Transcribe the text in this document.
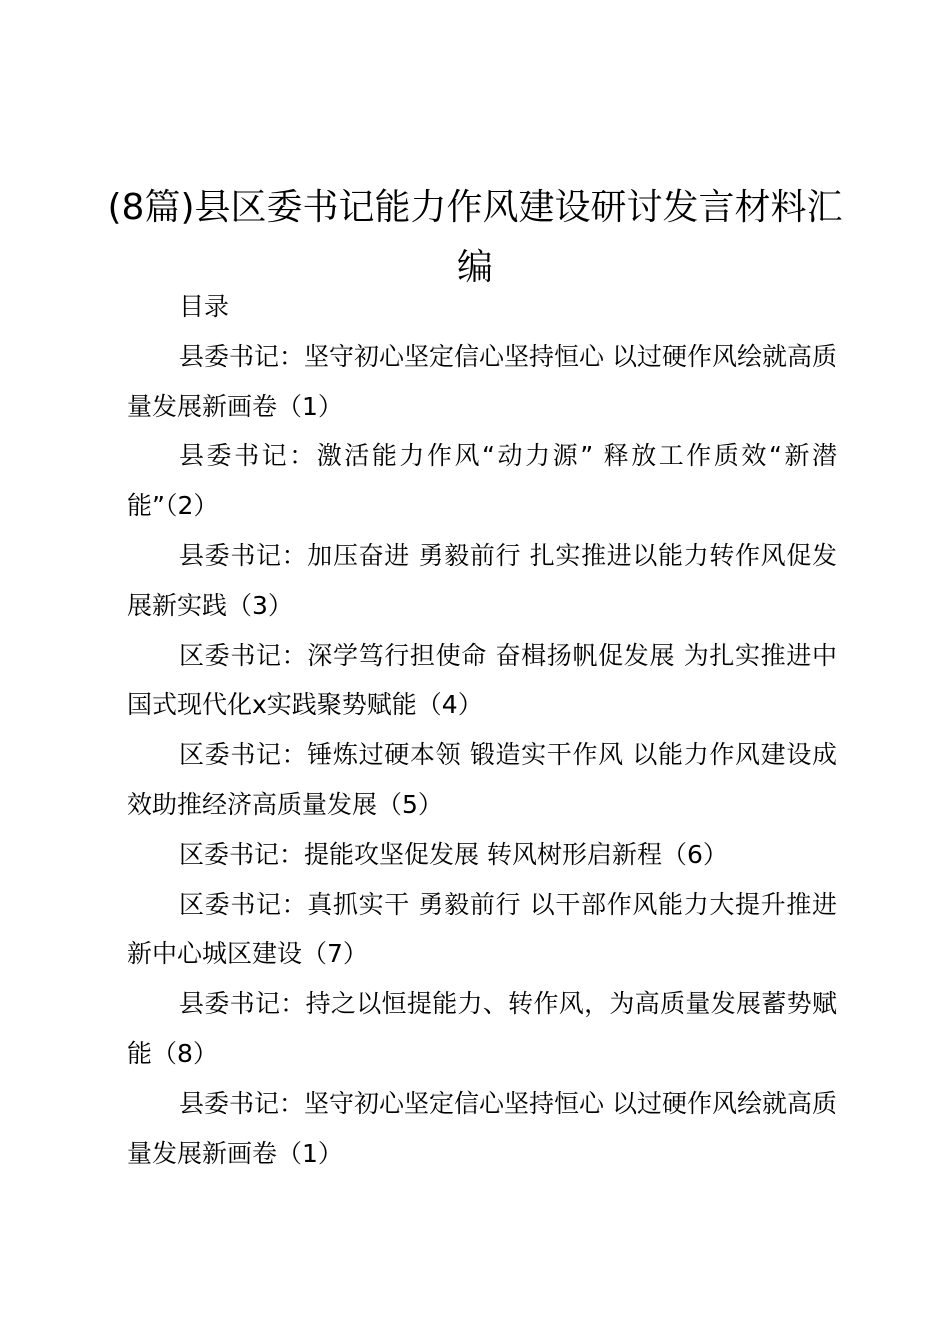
(8篇)县区委书记能力作风建设研讨发言材料汇编

目录

县委书记：坚守初心坚定信心坚持恒心 以过硬作风绘就高质量发展新画卷（1）

县委书记：激活能力作风“动力源” 释放工作质效“新潜能”（2）

县委书记：加压奋进 勇毅前行 扎实推进以能力转作风促发展新实践（3）

区委书记：深学笃行担使命 奋楫扬帆促发展 为扎实推进中国式现代化x实践聚势赋能（4）

区委书记：锤炼过硬本领 锻造实干作风 以能力作风建设成效助推经济高质量发展（5）

区委书记：提能攻坚促发展 转风树形启新程（6）

区委书记：真抓实干 勇毅前行 以干部作风能力大提升推进新中心城区建设（7）

县委书记：持之以恒提能力、转作风，为高质量发展蓄势赋能（8）

县委书记：坚守初心坚定信心坚持恒心 以过硬作风绘就高质量发展新画卷（1）
